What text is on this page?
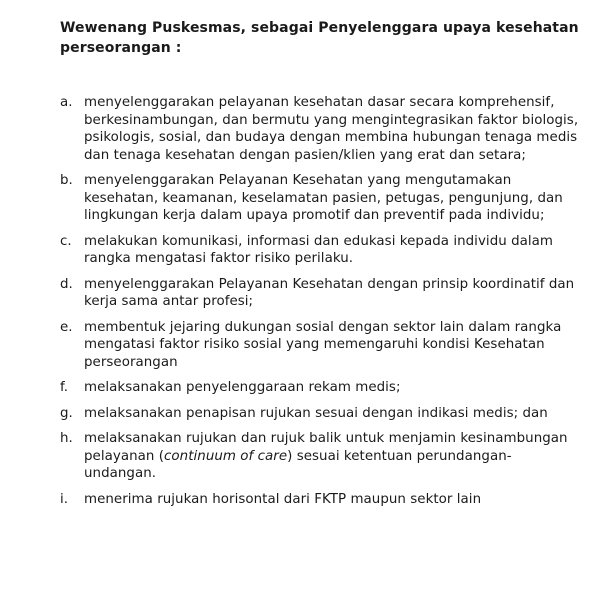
Wewenang Puskesmas, sebagai Penyelenggara upaya kesehatan perseorangan :
a. menyelenggarakan pelayanan kesehatan dasar secara komprehensif, berkesinambungan, dan bermutu yang mengintegrasikan faktor biologis, psikologis, sosial, dan budaya dengan membina hubungan tenaga medis dan tenaga kesehatan dengan pasien/klien yang erat dan setara;
b. menyelenggarakan Pelayanan Kesehatan yang mengutamakan kesehatan, keamanan, keselamatan pasien, petugas, pengunjung, dan lingkungan kerja dalam upaya promotif dan preventif pada individu;
c. melakukan komunikasi, informasi dan edukasi kepada individu dalam rangka mengatasi faktor risiko perilaku.
d. menyelenggarakan Pelayanan Kesehatan dengan prinsip koordinatif dan kerja sama antar profesi;
e. membentuk jejaring dukungan sosial dengan sektor lain dalam rangka mengatasi faktor risiko sosial yang memengaruhi kondisi Kesehatan perseorangan
f. melaksanakan penyelenggaraan rekam medis;
g. melaksanakan penapisan rujukan sesuai dengan indikasi medis; dan
h. melaksanakan rujukan dan rujuk balik untuk menjamin kesinambungan pelayanan (continuum of care) sesuai ketentuan perundangan-undangan.
i. menerima rujukan horisontal dari FKTP maupun sektor lain
